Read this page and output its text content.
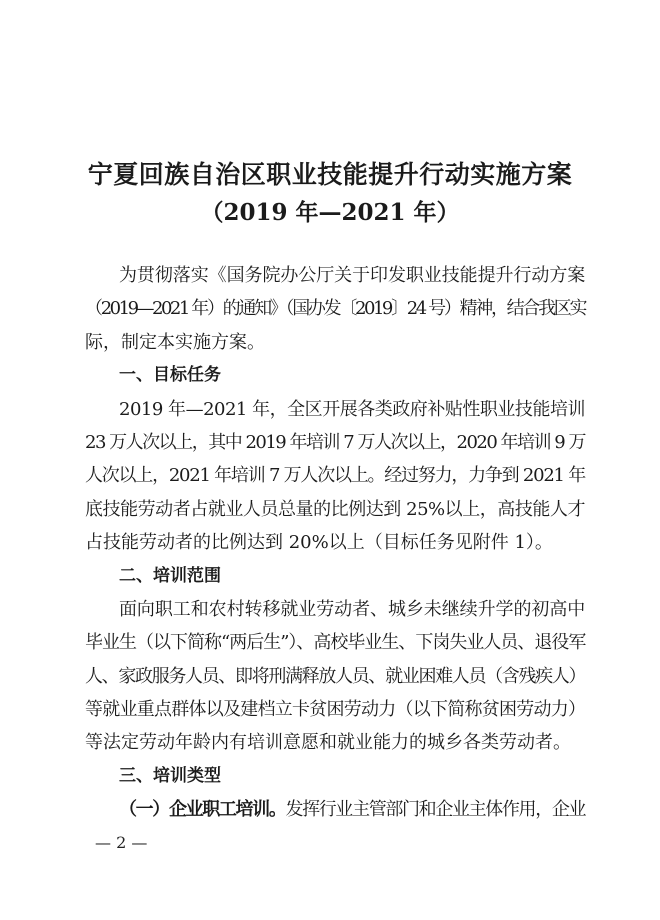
宁夏回族自治区职业技能提升行动实施方案
（2019 年—2021 年）
为贯彻落实《国务院办公厅关于印发职业技能提升行动方案
（2019—2021 年）的通知》（国办发〔2019〕24 号）精神，结合我区实
际，制定本实施方案。
一、目标任务
2019 年—2021 年，全区开展各类政府补贴性职业技能培训
23 万人次以上，其中 2019 年培训 7 万人次以上，2020 年培训 9 万
人次以上，2021 年培训 7 万人次以上。经过努力，力争到 2021 年
底技能劳动者占就业人员总量的比例达到 25%以上，高技能人才
占技能劳动者的比例达到 20%以上（目标任务见附件 1）。
二、培训范围
面向职工和农村转移就业劳动者、城乡未继续升学的初高中
毕业生（以下简称“两后生”）、高校毕业生、下岗失业人员、退役军
人、家政服务人员、即将刑满释放人员、就业困难人员（含残疾人）
等就业重点群体以及建档立卡贫困劳动力（以下简称贫困劳动力）
等法定劳动年龄内有培训意愿和就业能力的城乡各类劳动者。
三、培训类型
（一）企业职工培训。发挥行业主管部门和企业主体作用，企业
— 2 —
